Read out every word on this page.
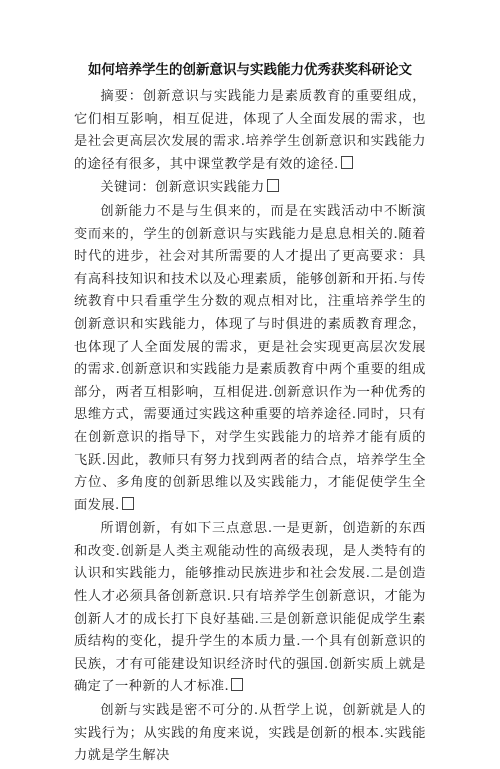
如何培养学生的创新意识与实践能力优秀获奖科研论文

摘要：创新意识与实践能力是素质教育的重要组成，它们相互影响，相互促进，体现了人全面发展的需求，也是社会更高层次发展的需求.培养学生创新意识和实践能力的途径有很多，其中课堂教学是有效的途径.

关键词：创新意识实践能力

创新能力不是与生俱来的，而是在实践活动中不断演变而来的，学生的创新意识与实践能力是息息相关的.随着时代的进步，社会对其所需要的人才提出了更高要求：具有高科技知识和技术以及心理素质，能够创新和开拓.与传统教育中只看重学生分数的观点相对比，注重培养学生的创新意识和实践能力，体现了与时俱进的素质教育理念，也体现了人全面发展的需求，更是社会实现更高层次发展的需求.创新意识和实践能力是素质教育中两个重要的组成部分，两者互相影响，互相促进.创新意识作为一种优秀的思维方式，需要通过实践这种重要的培养途径.同时，只有在创新意识的指导下，对学生实践能力的培养才能有质的飞跃.因此，教师只有努力找到两者的结合点，培养学生全方位、多角度的创新思维以及实践能力，才能促使学生全面发展.

所谓创新，有如下三点意思.一是更新，创造新的东西和改变.创新是人类主观能动性的高级表现，是人类特有的认识和实践能力，能够推动民族进步和社会发展.二是创造性人才必须具备创新意识.只有培养学生创新意识，才能为创新人才的成长打下良好基础.三是创新意识能促成学生素质结构的变化，提升学生的本质力量.一个具有创新意识的民族，才有可能建设知识经济时代的强国.创新实质上就是确定了一种新的人才标准.

创新与实践是密不可分的.从哲学上说，创新就是人的实践行为；从实践的角度来说，实践是创新的根本.实践能力就是学生解决
